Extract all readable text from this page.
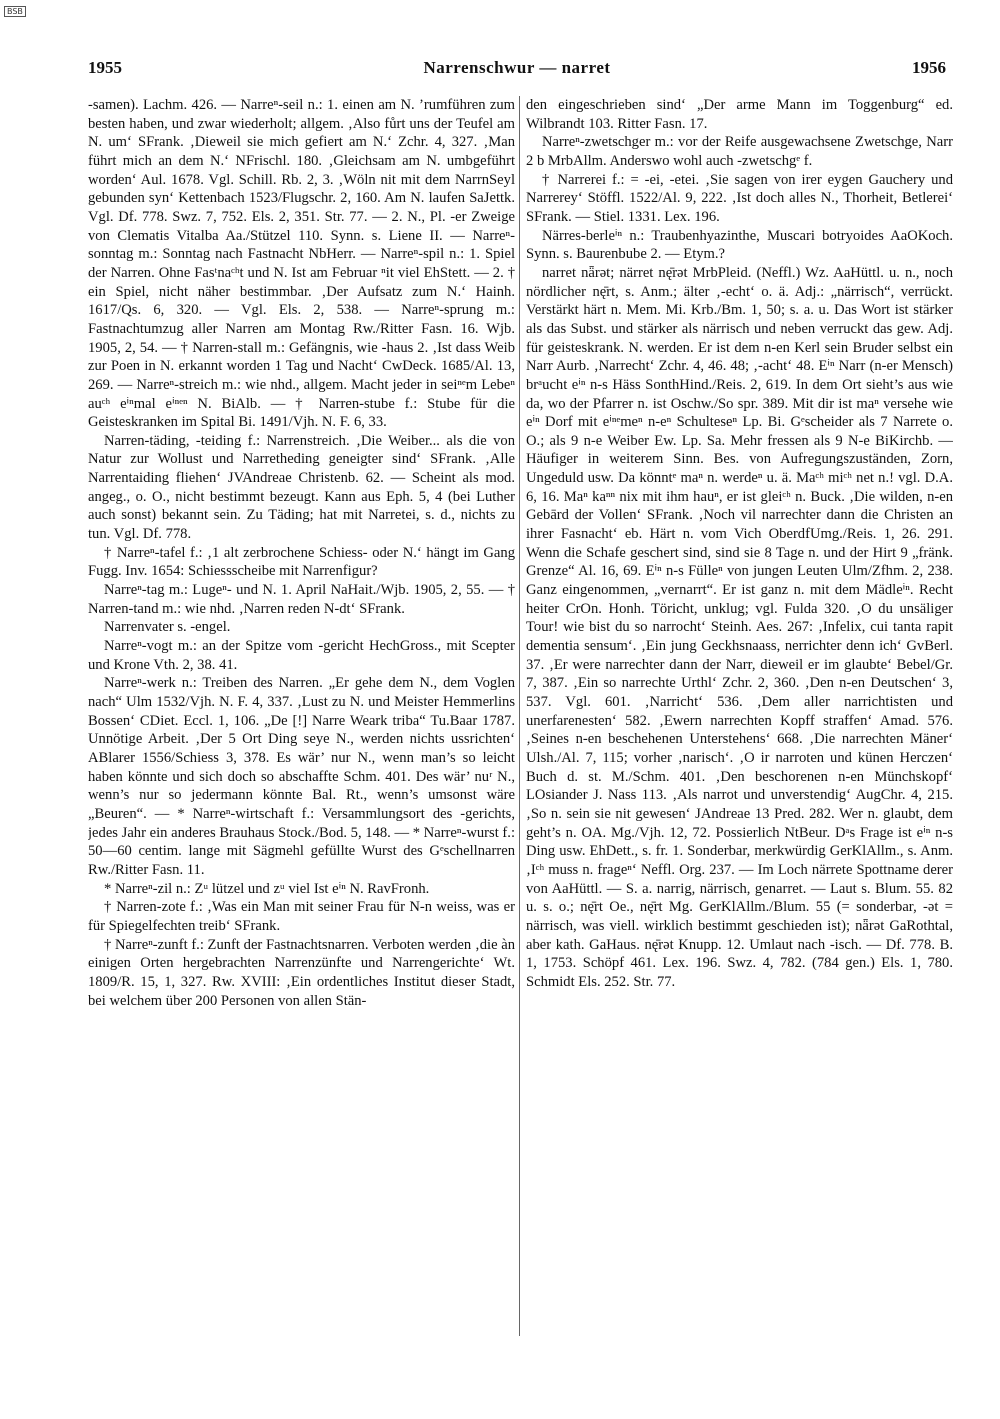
BSB
1955	Narrenschwur — narret	1956

-samen). Lachm. 426. — Narreⁿ-seil n.: 1. einen am N. ’rumführen zum besten haben, und zwar wiederholt; allgem. ‚Also fůrt uns der Teufel am N. um‘ SFrank. ‚Dieweil sie mich gefiert am N.‘ Zchr. 4, 327. ‚Man führt mich an dem N.‘ NFrischl. 180. ‚Gleichsam am N. umbgeführt worden‘ Aul. 1678. Vgl. Schill. Rb. 2, 3. ‚Wöln nit mit dem NarrnSeyl gebunden syn‘ Kettenbach 1523/Flugschr. 2, 160. Am N. laufen SaJettk. Vgl. Df. 778. Swz. 7, 752. Els. 2, 351. Str. 77. — 2. N., Pl. -er Zweige von Clematis Vitalba Aa./Stützel 110. Synn. s. Liene II. — Narreⁿ-sonntag m.: Sonntag nach Fastnacht NbHerr. — Narreⁿ-spil n.: 1. Spiel der Narren. Ohne Fasᵗnaᶜʰt und N. Ist am Februar ⁿit viel EhStett. — 2. † ein Spiel, nicht näher bestimmbar. ‚Der Aufsatz zum N.‘ Hainh. 1617/Qs. 6, 320. — Vgl. Els. 2, 538. — Narreⁿ-sprung m.: Fastnachtumzug aller Narren am Montag Rw./Ritter Fasn. 16. Wjb. 1905, 2, 54. — † Narren-stall m.: Gefängnis, wie -haus 2. ‚Ist dass Weib zur Poen in N. erkannt worden 1 Tag und Nacht‘ CwDeck. 1685/Al. 13, 269. — Narreⁿ-streich m.: wie nhd., allgem. Macht jeder in seiⁿᵉm Lebeⁿ auᶜʰ eⁱⁿmal eⁱⁿᵉⁿ N. BiAlb. — † Narren-stube f.: Stube für die Geisteskranken im Spital Bi. 1491/Vjh. N. F. 6, 33.

Narren-täding, -teiding f.: Narrenstreich. ‚Die Weiber... als die von Natur zur Wollust und Narretheding geneigter sind‘ SFrank. ‚Alle Narrentaiding fliehen‘ JVAndreae Christenb. 62. — Scheint als mod. angeg., o. O., nicht bestimmt bezeugt. Kann aus Eph. 5, 4 (bei Luther auch sonst) bekannt sein. Zu Täding; hat mit Narretei, s. d., nichts zu tun. Vgl. Df. 778.

† Narreⁿ-tafel f.: ‚1 alt zerbrochene Schiess- oder N.‘ hängt im Gang Fugg. Inv. 1654: Schiessscheibe mit Narrenfigur?

Narreⁿ-tag m.: Lugeⁿ- und N. 1. April NaHait./Wjb. 1905, 2, 55. — † Narren-tand m.: wie nhd. ‚Narren reden N-dt‘ SFrank.

Narrenvater s. -engel.

Narreⁿ-vogt m.: an der Spitze vom -gericht HechGross., mit Scepter und Krone Vth. 2, 38. 41.

Narreⁿ-werk n.: Treiben des Narren. „Er gehe dem N., dem Voglen nach“ Ulm 1532/Vjh. N. F. 4, 337. ‚Lust zu N. und Meister Hemmerlins Bossen‘ CDiet. Eccl. 1, 106. „De [!] Narre Weark triba“ Tu.Baar 1787. Unnötige Arbeit. ‚Der 5 Ort Ding seye N., werden nichts ussrichten‘ ABlarer 1556/Schiess 3, 378. Es wär’ nur N., wenn man’s so leicht haben könnte und sich doch so abschaffte Schm. 401. Des wär’ nuʳ N., wenn’s nur so jedermann könnte Bal. Rt., wenn’s umsonst wäre „Beuren“. — * Narreⁿ-wirtschaft f.: Versammlungsort des -gerichts, jedes Jahr ein anderes Brauhaus Stock./Bod. 5, 148. — * Narreⁿ-wurst f.: 50—60 centim. lange mit Sägmehl gefüllte Wurst des Gᵉschellnarren Rw./Ritter Fasn. 11.

* Narreⁿ-zil n.: Zᵘ lützel und zᵘ viel Ist eⁱⁿ N. RavFronh.

† Narren-zote f.: ‚Was ein Man mit seiner Frau für N-n weiss, was er für Spiegelfechten treib‘ SFrank.

† Narreⁿ-zunft f.: Zunft der Fastnachtsnarren. Verboten werden ‚die àn einigen Orten hergebrachten Narrenzünfte und Narrengerichte‘ Wt. 1809/R. 15, 1, 327. Rw. XVIII: ‚Ein ordentliches Institut dieser Stadt, bei welchem über 200 Personen von allen Stän-

den eingeschrieben sind‘ „Der arme Mann im Toggenburg“ ed. Wilbrandt 103. Ritter Fasn. 17.

Narreⁿ-zwetschger m.: vor der Reife ausgewachsene Zwetschge, Narr 2 b MrbAllm. Anderswo wohl auch -zwetschgᵉ f.

† Narrerei f.: = -ei, -etei. ‚Sie sagen von irer eygen Gauchery und Narrerey‘ Stöffl. 1522/Al. 9, 222. ‚Ist doch alles N., Thorheit, Betlerei‘ SFrank. — Stiel. 1331. Lex. 196.

Närres-berleⁱⁿ n.: Traubenhyazinthe, Muscari botryoides AaOKoch. Synn. s. Baurenbube 2. — Etym.?

narret nǟrət; närret nę̄rət MrbPleid. (Neffl.) Wz. AaHüttl. u. n., noch nördlicher nę̄rt, s. Anm.; älter ‚-echt‘ o. ä. Adj.: „närrisch“, verrückt. Verstärkt härt n. Mem. Mi. Krb./Bm. 1, 50; s. a. u. Das Wort ist stärker als das Subst. und stärker als närrisch und neben verruckt das gew. Adj. für geisteskrank. N. werden. Er ist dem n-en Kerl sein Bruder selbst ein Narr Aurb. ‚Narrecht‘ Zchr. 4, 46. 48; ‚-acht‘ 48. Eⁱⁿ Narr (n-er Mensch) brᵃucht eⁱⁿ n-s Häss SonthHind./Reis. 2, 619. In dem Ort sieht’s aus wie da, wo der Pfarrer n. ist Oschw./So spr. 389. Mit dir ist maⁿ versehe wie eⁱⁿ Dorf mit eⁱⁿᵉmeⁿ n-eⁿ Schulteseⁿ Lp. Bi. Gᵉscheider als 7 Narrete o. O.; als 9 n-e Weiber Ew. Lp. Sa. Mehr fressen als 9 N-e BiKirchb. — Häufiger in weiterem Sinn. Bes. von Aufregungszuständen, Zorn, Ungeduld usw. Da könntᵉ maⁿ n. werdeⁿ u. ä. Maᶜʰ miᶜʰ net n.! vgl. D.A. 6, 16. Maⁿ kaⁿⁿ nix mit ihm hauⁿ, er ist gleiᶜʰ n. Buck. ‚Die wilden, n-en Gebārd der Vollen‘ SFrank. ‚Noch vil narrechter dann die Christen an ihrer Fasnacht‘ eb. Härt n. vom Vich OberdfUmg./Reis. 1, 26. 291. Wenn die Schafe geschert sind, sind sie 8 Tage n. und der Hirt 9 „fränk. Grenze“ Al. 16, 69. Eⁱⁿ n-s Fülleⁿ von jungen Leuten Ulm/Zfhm. 2, 238. Ganz eingenommen, „vernarrt“. Er ist ganz n. mit dem Mädleⁱⁿ. Recht heiter CrOn. Honh. Töricht, unklug; vgl. Fulda 320. ‚O du unsäliger Tour! wie bist du so narrocht‘ Steinh. Aes. 267: ‚Infelix, cui tanta rapit dementia sensum‘. ‚Ein jung Geckhsnaass, nerrichter denn ich‘ GvBerl. 37. ‚Er were narrechter dann der Narr, dieweil er im glaubte‘ Bebel/Gr. 7, 387. ‚Ein so narrechte Urthl‘ Zchr. 2, 360. ‚Den n-en Deutschen‘ 3, 537. Vgl. 601. ‚Narricht‘ 536. ‚Dem aller narrichtisten und unerfarenesten‘ 582. ‚Ewern narrechten Kopff straffen‘ Amad. 576. ‚Seines n-en beschehenen Unterstehens‘ 668. ‚Die narrechten Mäner‘ Ulsh./Al. 7, 115; vorher ‚narisch‘. ‚O ir narroten und künen Herczen‘ Buch d. st. M./Schm. 401. ‚Den beschorenen n-en Münchskopf‘ LOsiander J. Nass 113. ‚Als narrot und unverstendig‘ AugChr. 4, 215. ‚So n. sein sie nit gewesen‘ JAndreae 13 Pred. 282. Wer n. glaubt, dem geht’s n. OA. Mg./Vjh. 12, 72. Possierlich NtBeur. Dᵃs Frage ist eⁱⁿ n-s Ding usw. EhDett., s. fr. 1. Sonderbar, merkwürdig GerKlAllm., s. Anm. ‚Iᶜʰ muss n. frageⁿ‘ Neffl. Org. 237. — Im Loch närrete Spottname derer von AaHüttl. — S. a. narrig, närrisch, genarret. — Laut s. Blum. 55. 82 u. s. o.; nę̄rt Oe., nę̄rt Mg. GerKlAllm./Blum. 55 (= sonderbar, -ət = närrisch, was viell. wirklich bestimmt geschieden ist); nǟrət GaRothtal, aber kath. GaHaus. nę̄rət Knupp. 12. Umlaut nach -isch. — Df. 778. B. 1, 1753. Schöpf 461. Lex. 196. Swz. 4, 782. (784 gen.) Els. 1, 780. Schmidt Els. 252. Str. 77.
